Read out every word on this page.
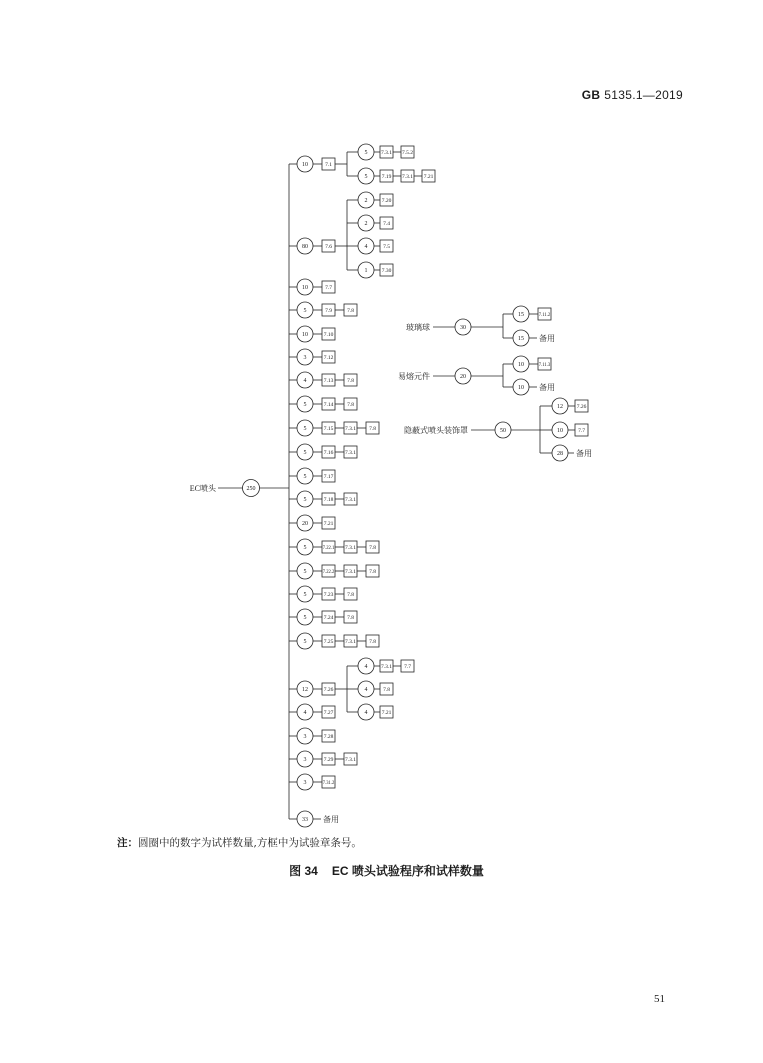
GB 5135.1—2019
EC喷头	250
10	7.1
5 7.3.1 7.5.2
5	7.19 7.3.1 7.21
80	7.6
2	7.20
2	7.4
4	7.5
1	7.30
10	7.7
5	7.9	7.8
10	7.10
3	7.12
4	7.13	7.8
5	7.14	7.8
5	7.15 7.3.1 7.8
5	7.16 7.3.1
5	7.17
5	7.18 7.3.1
20	7.21
5	7.22.1 7.3.1 7.8
5	7.22.2 7.3.1 7.8
5	7.23	7.8
5	7.24	7.8
5	7.25 7.3.1 7.8
12	7.26
4 7.3.1 7.7
4	7.8
4	7.21
4	7.27
3	7.28
3	7.29 7.3.1
3	7.31.2
33 备用
玻璃球	30
15	7.11.2
15 备用
易熔元件	20
10	7.11.3
10 备用
隐蔽式喷头装饰罩	50
12 7.26
10	7.7
28 备用
注：圆圈中的数字为试样数量,方框中为试验章条号。
图 34 EC 喷头试验程序和试样数量
51
